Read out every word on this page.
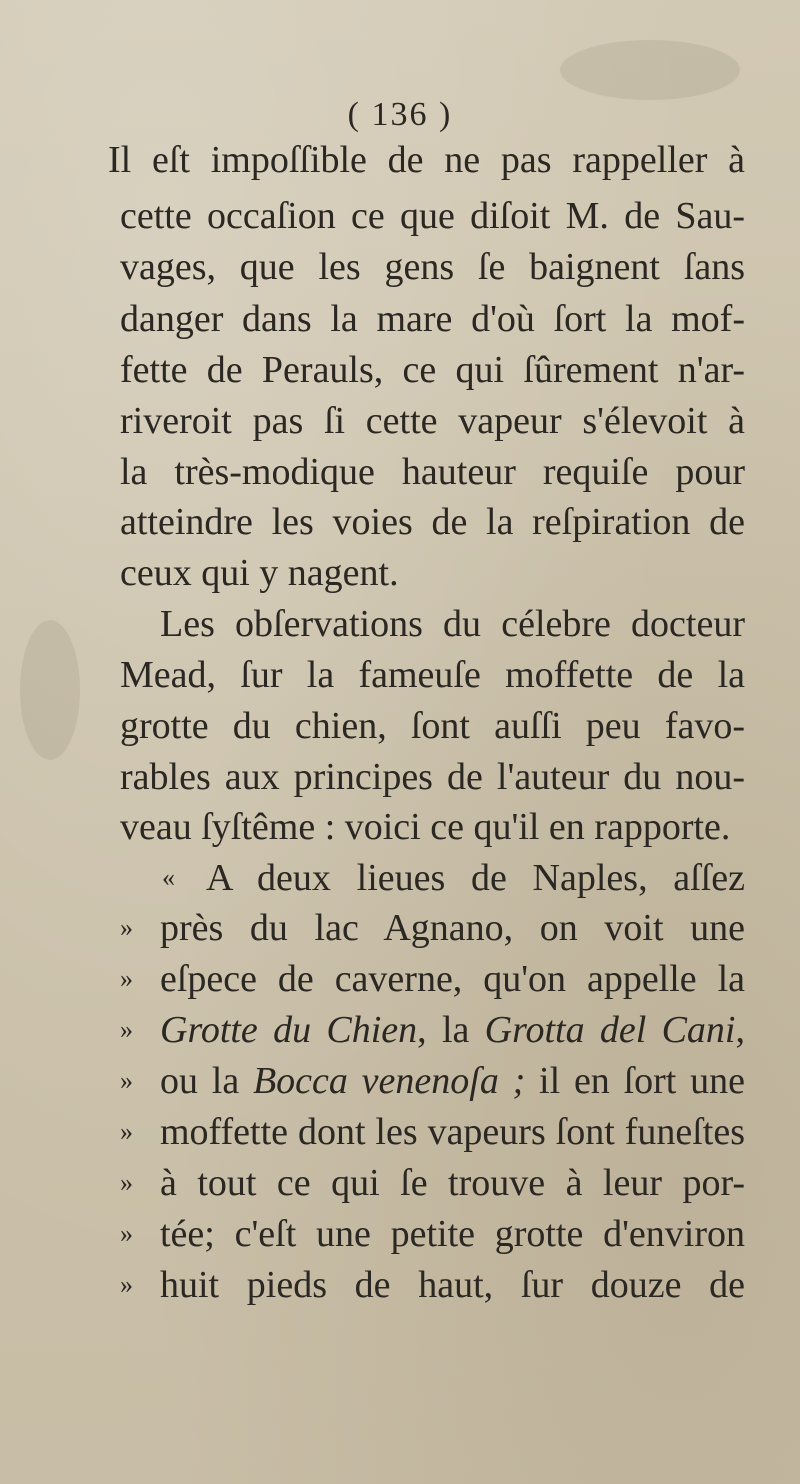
( 136 )
Il eſt impoſſible de ne pas rappeller à
cette occaſion ce que diſoit M. de Sau-
vages, que les gens ſe baignent ſans
danger dans la mare d'où ſort la mof-
fette de Perauls, ce qui ſûrement n'ar-
riveroit pas ſi cette vapeur s'élevoit à
la très-modique hauteur requiſe pour
atteindre les voies de la reſpiration de
ceux qui y nagent.
Les obſervations du célebre doctеur
Mead, ſur la fameuſe moffette de la
grotte du chien, ſont auſſi peu favo-
rables aux principes de l'auteur du nou-
veau ſyſtême : voici ce qu'il en rapporte.
« A deux lieues de Naples, aſſez
» près du lac Agnano, on voit une
» eſpece de caverne, qu'on appelle la
» Grotte du Chien, la Grotta del Cani,
» ou la Bocca venenoſa ; il en ſort une
» moffette dont les vapeurs ſont funeſtes
» à tout ce qui ſe trouve à leur por-
» tée; c'eſt une petite grotte d'environ
» huit pieds de haut, ſur douze de
